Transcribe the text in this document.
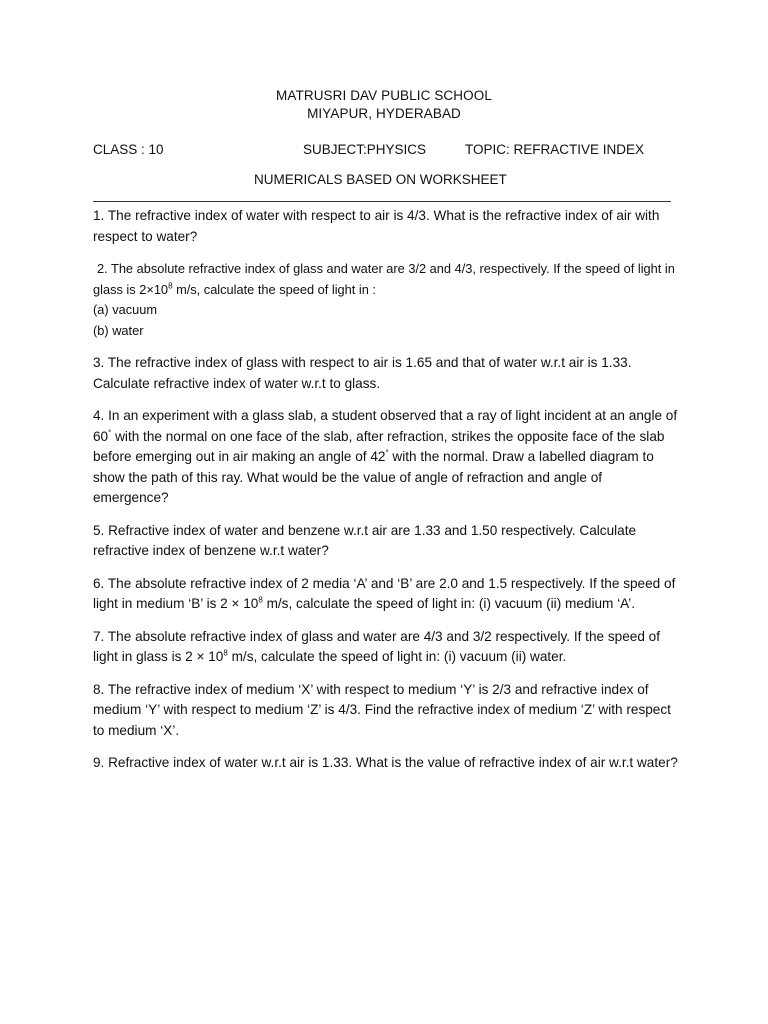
MATRUSRI DAV PUBLIC SCHOOL
MIYAPUR, HYDERABAD
CLASS : 10	SUBJECT:PHYSICS	TOPIC: REFRACTIVE INDEX
NUMERICALS BASED ON WORKSHEET

1. The refractive index of water with respect to air is 4/3. What is the refractive index of air with respect to water?

2. The absolute refractive index of glass and water are 3/2 and 4/3, respectively. If the speed of light in glass is $2\times 10^8$ m/s, calculate the speed of light in :
(a) vacuum
(b) water

3. The refractive index of glass with respect to air is 1.65 and that of water w.r.t air is 1.33. Calculate refractive index of water w.r.t to glass.

4. In an experiment with a glass slab, a student observed that a ray of light incident at an angle of 60° with the normal on one face of the slab, after refraction, strikes the opposite face of the slab before emerging out in air making an angle of 42° with the normal. Draw a labelled diagram to show the path of this ray. What would be the value of angle of refraction and angle of emergence?

5. Refractive index of water and benzene w.r.t air are 1.33 and 1.50 respectively. Calculate refractive index of benzene w.r.t water?

6. The absolute refractive index of 2 media ‘A’ and ‘B’ are 2.0 and 1.5 respectively. If the speed of light in medium ‘B’ is $2 \times 10^8$ m/s, calculate the speed of light in: (i) vacuum (ii) medium ‘A’.

7. The absolute refractive index of glass and water are 4/3 and 3/2 respectively. If the speed of light in glass is $2 \times 10^8$ m/s, calculate the speed of light in: (i) vacuum (ii) water.

8. The refractive index of medium ‘X’ with respect to medium ‘Y’ is 2/3 and refractive index of medium ‘Y’ with respect to medium ‘Z’ is 4/3. Find the refractive index of medium ‘Z’ with respect to medium ‘X’.

9. Refractive index of water w.r.t air is 1.33. What is the value of refractive index of air w.r.t water?
